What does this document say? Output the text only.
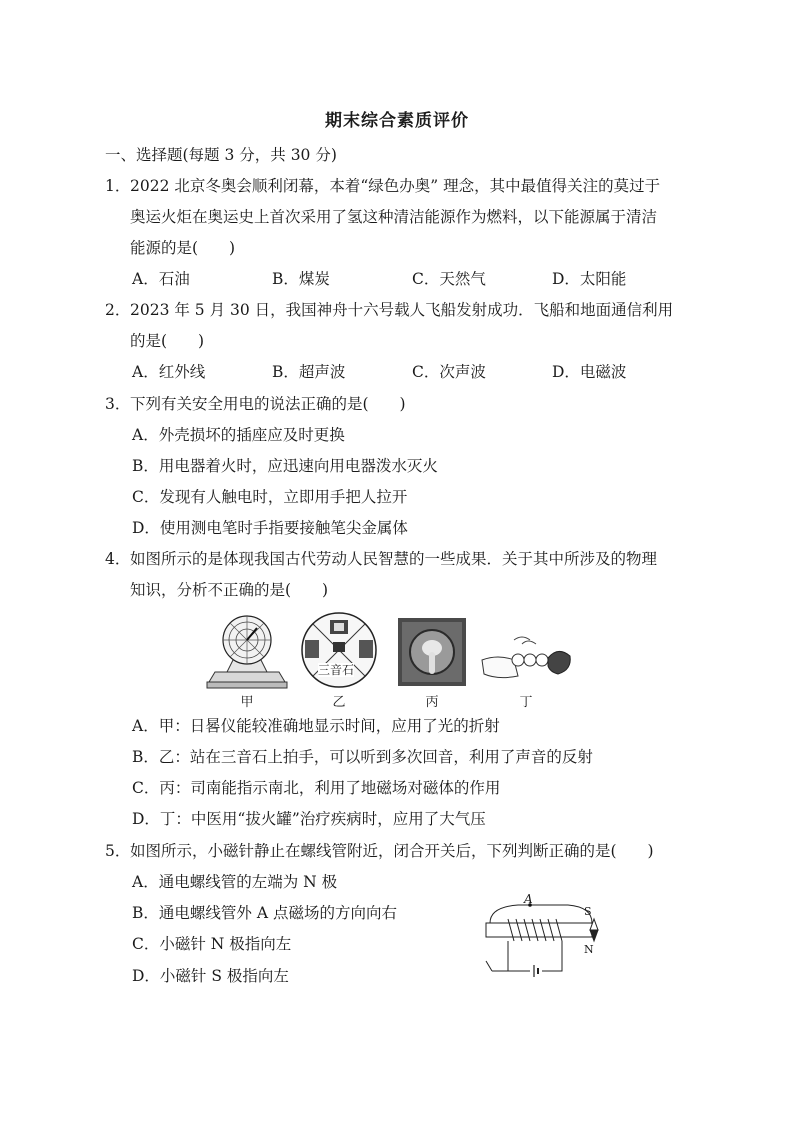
期末综合素质评价
一、选择题(每题 3 分，共 30 分)
1． 2022 北京冬奥会顺利闭幕，本着“绿色办奥” 理念，其中最值得关注的莫过于
奥运火炬在奥运史上首次采用了氢这种清洁能源作为燃料，以下能源属于清洁
能源的是(　　)
A．石油	B．煤炭	C．天然气	D．太阳能
2． 2023 年 5 月 30 日，我国神舟十六号载人飞船发射成功．飞船和地面通信利用
的是(　　)
A．红外线	B．超声波	C．次声波	D．电磁波
3． 下列有关安全用电的说法正确的是(　　)
A．外壳损坏的插座应及时更换
B．用电器着火时，应迅速向用电器泼水灭火
C．发现有人触电时，立即用手把人拉开
D．使用测电笔时手指要接触笔尖金属体
4． 如图所示的是体现我国古代劳动人民智慧的一些成果．关于其中所涉及的物理
知识，分析不正确的是(　　)
甲
三音石
乙	丙	丁
A．甲：日晷仪能较准确地显示时间，应用了光的折射
B．乙：站在三音石上拍手，可以听到多次回音，利用了声音的反射
C．丙：司南能指示南北，利用了地磁场对磁体的作用
D．丁：中医用“拔火罐”治疗疾病时，应用了大气压
5． 如图所示，小磁针静止在螺线管附近，闭合开关后，下列判断正确的是(　　)
A．通电螺线管的左端为 N 极
B．通电螺线管外 A 点磁场的方向向右
C．小磁针 N 极指向左
D．小磁针 S 极指向左
A
S
N
